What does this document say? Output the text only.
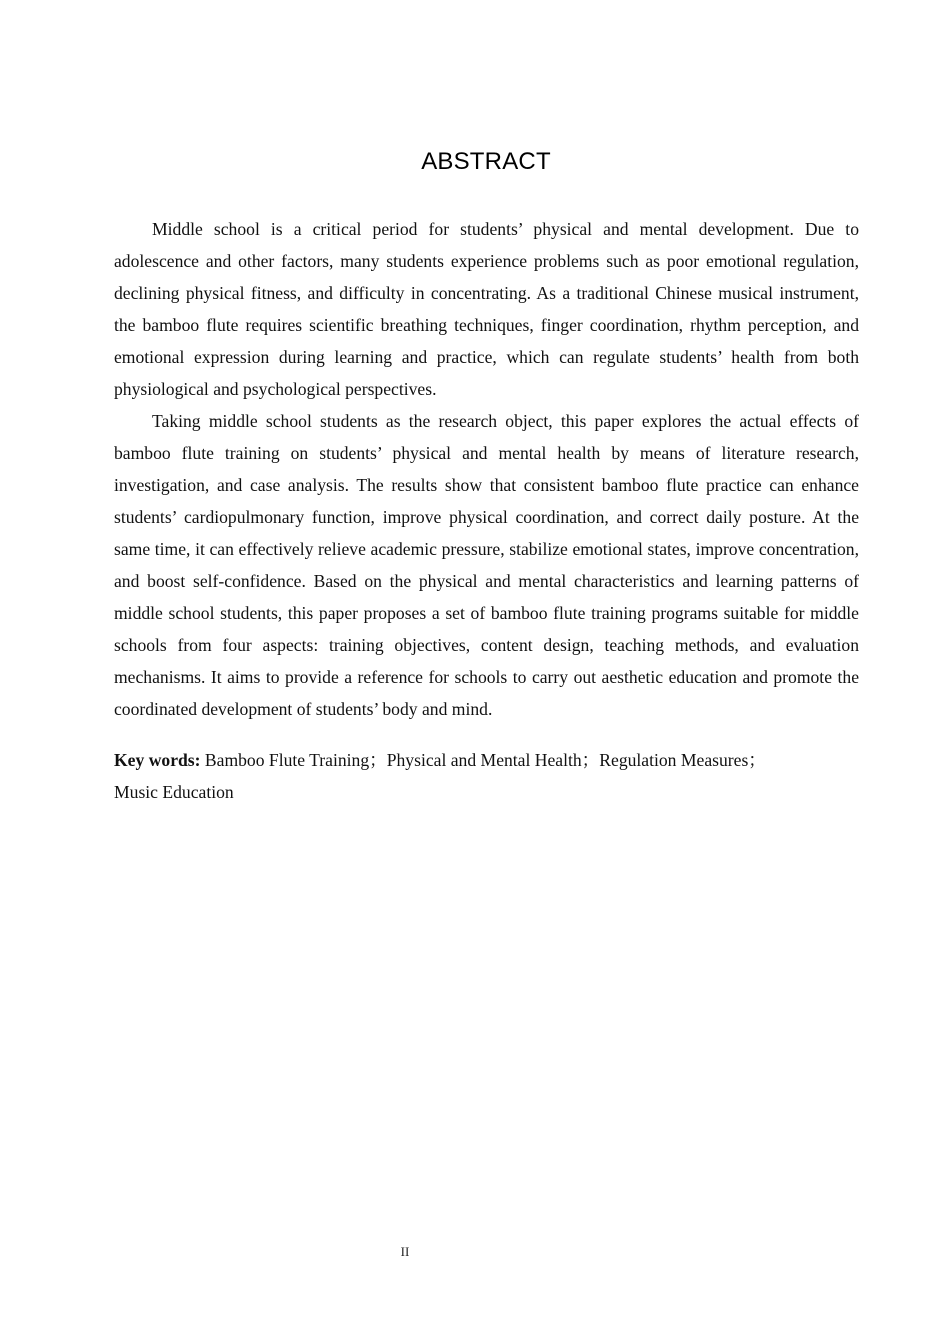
ABSTRACT

Middle school is a critical period for students’ physical and mental development. Due to adolescence and other factors, many students experience problems such as poor emotional regulation, declining physical fitness, and difficulty in concentrating. As a traditional Chinese musical instrument, the bamboo flute requires scientific breathing techniques, finger coordination, rhythm perception, and emotional expression during learning and practice, which can regulate students’ health from both physiological and psychological perspectives.

Taking middle school students as the research object, this paper explores the actual effects of bamboo flute training on students’ physical and mental health by means of literature research, investigation, and case analysis. The results show that consistent bamboo flute practice can enhance students’ cardiopulmonary function, improve physical coordination, and correct daily posture. At the same time, it can effectively relieve academic pressure, stabilize emotional states, improve concentration, and boost self-confidence. Based on the physical and mental characteristics and learning patterns of middle school students, this paper proposes a set of bamboo flute training programs suitable for middle schools from four aspects: training objectives, content design, teaching methods, and evaluation mechanisms. It aims to provide a reference for schools to carry out aesthetic education and promote the coordinated development of students’ body and mind.

Key words: Bamboo Flute Training；Physical and Mental Health；Regulation Measures；
Music Education
II
